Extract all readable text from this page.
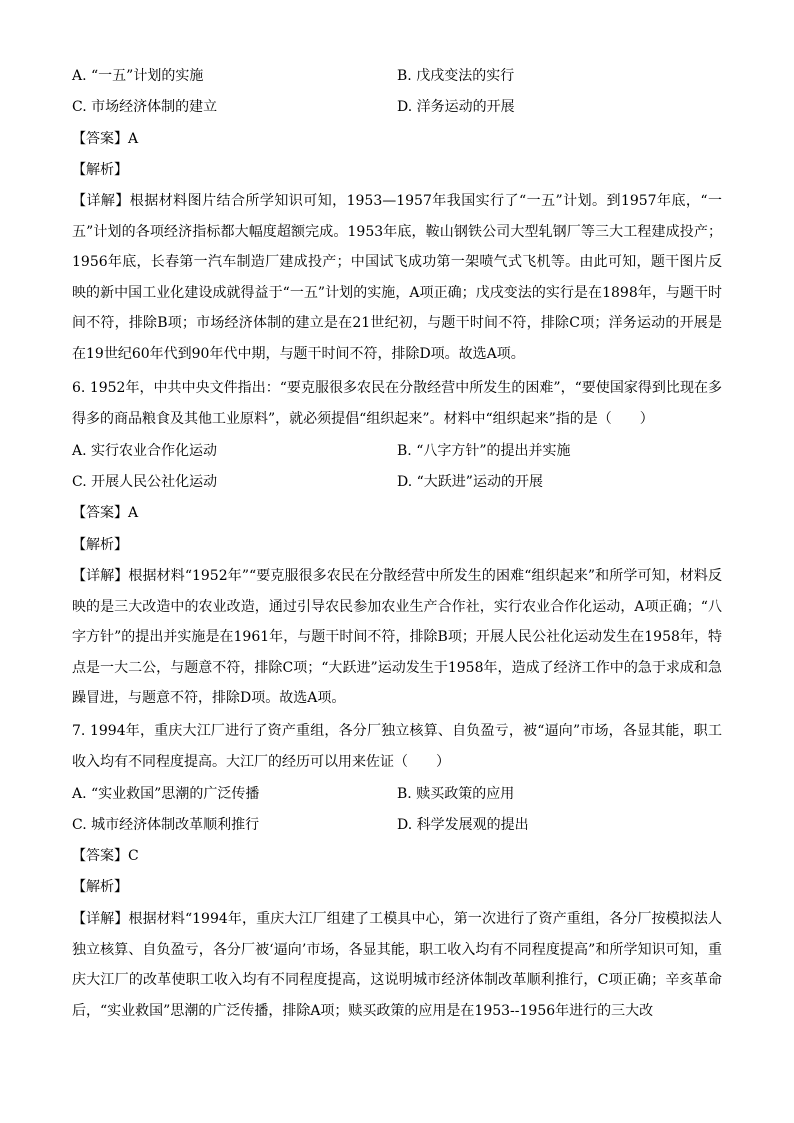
A. “一五”计划的实施	B. 戊戌变法的实行
C. 市场经济体制的建立	D. 洋务运动的开展
【答案】A
【解析】
【详解】根据材料图片结合所学知识可知，1953—1957年我国实行了“一五”计划。到1957年底，“一五”计划的各项经济指标都大幅度超额完成。1953年底，鞍山钢铁公司大型轧钢厂等三大工程建成投产；1956年底，长春第一汽车制造厂建成投产；中国试飞成功第一架喷气式飞机等。由此可知，题干图片反映的新中国工业化建设成就得益于“一五”计划的实施，A项正确；戊戌变法的实行是在1898年，与题干时间不符，排除B项；市场经济体制的建立是在21世纪初，与题干时间不符，排除C项；洋务运动的开展是在19世纪60年代到90年代中期，与题干时间不符，排除D项。故选A项。
6. 1952年，中共中央文件指出：“要克服很多农民在分散经营中所发生的困难”，“要使国家得到比现在多得多的商品粮食及其他工业原料”，就必须提倡“组织起来”。材料中“组织起来”指的是（　　）
A. 实行农业合作化运动	B. “八字方针”的提出并实施
C. 开展人民公社化运动	D. “大跃进”运动的开展
【答案】A
【解析】
【详解】根据材料“1952年”“要克服很多农民在分散经营中所发生的困难“组织起来”和所学可知，材料反映的是三大改造中的农业改造，通过引导农民参加农业生产合作社，实行农业合作化运动，A项正确；“八字方针”的提出并实施是在1961年，与题干时间不符，排除B项；开展人民公社化运动发生在1958年，特点是一大二公，与题意不符，排除C项；“大跃进”运动发生于1958年，造成了经济工作中的急于求成和急躁冒进，与题意不符，排除D项。故选A项。
7. 1994年，重庆大江厂进行了资产重组，各分厂独立核算、自负盈亏，被“逼向”市场，各显其能，职工收入均有不同程度提高。大江厂的经历可以用来佐证（　　）
A. “实业救国”思潮的广泛传播	B. 赎买政策的应用
C. 城市经济体制改革顺利推行	D. 科学发展观的提出
【答案】C
【解析】
【详解】根据材料“1994年，重庆大江厂组建了工模具中心，第一次进行了资产重组，各分厂按模拟法人独立核算、自负盈亏，各分厂被‘逼向’市场，各显其能，职工收入均有不同程度提高”和所学知识可知，重庆大江厂的改革使职工收入均有不同程度提高，这说明城市经济体制改革顺利推行，C项正确；辛亥革命后，“实业救国”思潮的广泛传播，排除A项；赎买政策的应用是在1953--1956年进行的三大改
